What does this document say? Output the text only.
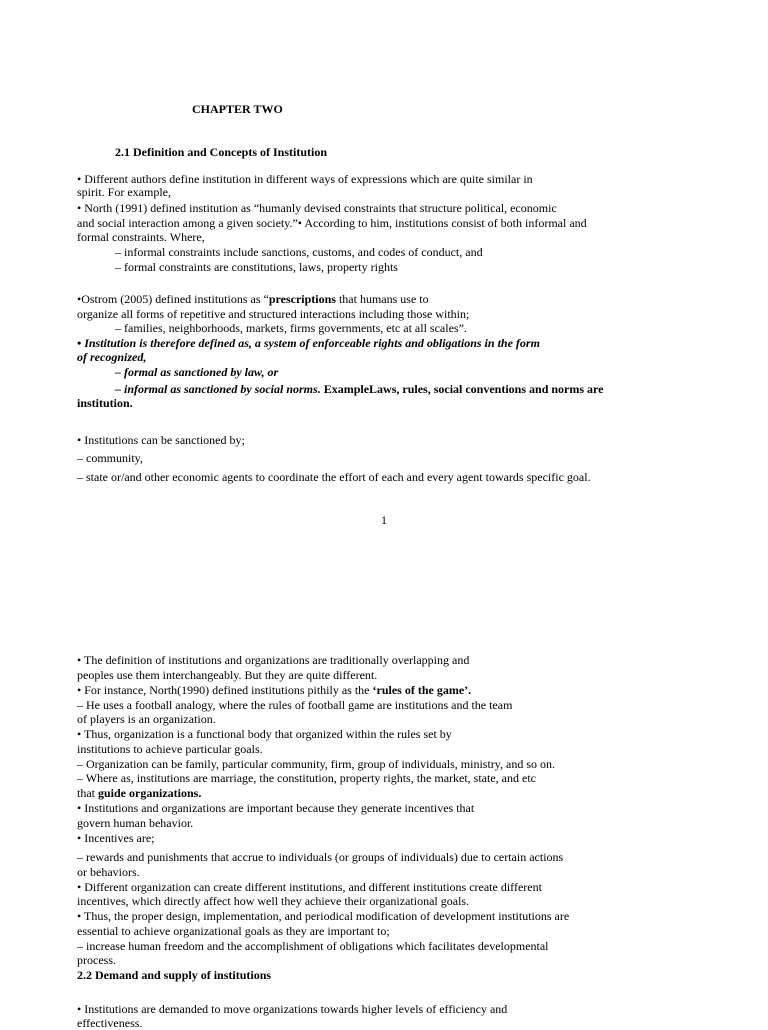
CHAPTER TWO
2.1 Definition and Concepts of Institution
• Different authors define institution in different ways of expressions which are quite similar in
spirit. For example,
• North (1991) defined institution as “humanly devised constraints that structure political, economic
and social interaction among a given society.”• According to him, institutions consist of both informal and
formal constraints. Where,
– informal constraints include sanctions, customs, and codes of conduct, and
– formal constraints are constitutions, laws, property rights
•Ostrom (2005) defined institutions as “prescriptions that humans use to
organize all forms of repetitive and structured interactions including those within;
– families, neighborhoods, markets, firms governments, etc at all scales”.
• Institution is therefore defined as, a system of enforceable rights and obligations in the form
of recognized,
– formal as sanctioned by law, or
– informal as sanctioned by social norms. ExampleLaws, rules, social conventions and norms are
institution.
• Institutions can be sanctioned by;
– community,
– state or/and other economic agents to coordinate the effort of each and every agent towards specific goal.
1
• The definition of institutions and organizations are traditionally overlapping and
peoples use them interchangeably. But they are quite different.
• For instance, North(1990) defined institutions pithily as the ‘rules of the game’.
– He uses a football analogy, where the rules of football game are institutions and the team
of players is an organization.
• Thus, organization is a functional body that organized within the rules set by
institutions to achieve particular goals.
– Organization can be family, particular community, firm, group of individuals, ministry, and so on.
– Where as, institutions are marriage, the constitution, property rights, the market, state, and etc
that guide organizations.
• Institutions and organizations are important because they generate incentives that
govern human behavior.
• Incentives are;
– rewards and punishments that accrue to individuals (or groups of individuals) due to certain actions
or behaviors.
• Different organization can create different institutions, and different institutions create different
incentives, which directly affect how well they achieve their organizational goals.
• Thus, the proper design, implementation, and periodical modification of development institutions are
essential to achieve organizational goals as they are important to;
– increase human freedom and the accomplishment of obligations which facilitates developmental
process.
2.2 Demand and supply of institutions
• Institutions are demanded to move organizations towards higher levels of efficiency and
effectiveness.
